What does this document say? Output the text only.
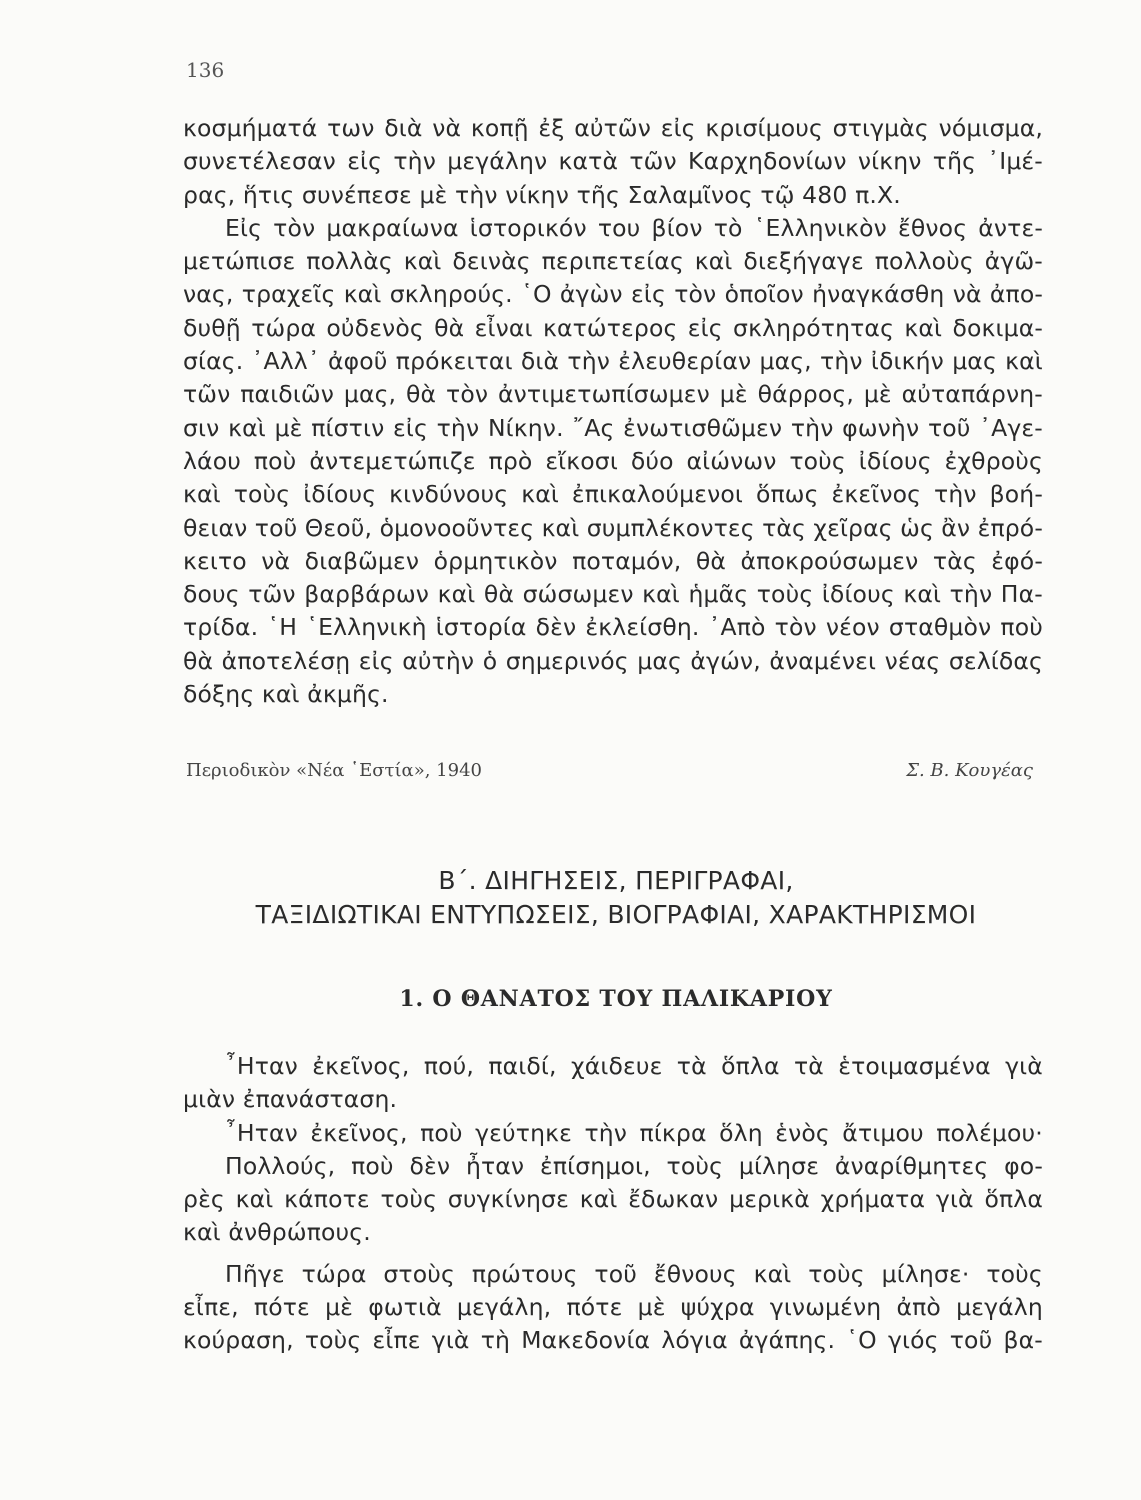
136
κοσμήματά των διὰ νὰ κοπῇ ἐξ αὐτῶν εἰς κρισίμους στιγμὰς νόμισμα,
συνετέλεσαν εἰς τὴν μεγάλην κατὰ τῶν Καρχηδονίων νίκην τῆς ᾿Ιμέ-
ρας, ἥτις συνέπεσε μὲ τὴν νίκην τῆς Σαλαμῖνος τῷ 480 π.Χ.
Εἰς τὸν μακραίωνα ἱστορικόν του βίον τὸ ῾Ελληνικὸν ἔθνος ἀντε-
μετώπισε πολλὰς καὶ δεινὰς περιπετείας καὶ διεξήγαγε πολλοὺς ἀγῶ-
νας, τραχεῖς καὶ σκληρούς. ῾Ο ἀγὼν εἰς τὸν ὁποῖον ἠναγκάσθη νὰ ἀπο-
δυθῇ τώρα οὐδενὸς θὰ εἶναι κατώτερος εἰς σκληρότητας καὶ δοκιμα-
σίας. ᾿Αλλ᾿ ἀφοῦ πρόκειται διὰ τὴν ἐλευθερίαν μας, τὴν ἰδικήν μας καὶ
τῶν παιδιῶν μας, θὰ τὸν ἀντιμετωπίσωμεν μὲ θάρρος, μὲ αὐταπάρνη-
σιν καὶ μὲ πίστιν εἰς τὴν Νίκην. ῎Ας ἐνωτισθῶμεν τὴν φωνὴν τοῦ ᾿Αγε-
λάου ποὺ ἀντεμετώπιζε πρὸ εἴκοσι δύο αἰώνων τοὺς ἰδίους ἐχθροὺς
καὶ τοὺς ἰδίους κινδύνους καὶ ἐπικαλούμενοι ὅπως ἐκεῖνος τὴν βοή-
θειαν τοῦ Θεοῦ, ὁμονοοῦντες καὶ συμπλέκοντες τὰς χεῖρας ὡς ἂν ἐπρό-
κειτο νὰ διαβῶμεν ὁρμητικὸν ποταμόν, θὰ ἀποκρούσωμεν τὰς ἐφό-
δους τῶν βαρβάρων καὶ θὰ σώσωμεν καὶ ἡμᾶς τοὺς ἰδίους καὶ τὴν Πα-
τρίδα. ῾Η ῾Ελληνικὴ ἱστορία δὲν ἐκλείσθη. ᾿Απὸ τὸν νέον σταθμὸν ποὺ
θὰ ἀποτελέσῃ εἰς αὐτὴν ὁ σημερινός μας ἀγών, ἀναμένει νέας σελίδας
δόξης καὶ ἀκμῆς.
Περιοδικὸν «Νέα ῾Εστία», 1940	Σ. Β. Κουγέας
Β΄. ΔΙΗΓΗΣΕΙΣ, ΠΕΡΙΓΡΑΦΑΙ,
ΤΑΞΙΔΙΩΤΙΚΑΙ ΕΝΤΥΠΩΣΕΙΣ, ΒΙΟΓΡΑΦΙΑΙ, ΧΑΡΑΚΤΗΡΙΣΜΟΙ
1. Ο ΘΑΝΑΤΟΣ ΤΟΥ ΠΑΛΙΚΑΡΙΟΥ
῏Ηταν ἐκεῖνος, πού, παιδί, χάιδευε τὰ ὅπλα τὰ ἑτοιμασμένα γιὰ
μιὰν ἐπανάσταση.
῏Ηταν ἐκεῖνος, ποὺ γεύτηκε τὴν πίκρα ὅλη ἑνὸς ἄτιμου πολέμου·
Πολλούς, ποὺ δὲν ἦταν ἐπίσημοι, τοὺς μίλησε ἀναρίθμητες φο-
ρὲς καὶ κάποτε τοὺς συγκίνησε καὶ ἔδωκαν μερικὰ χρήματα γιὰ ὅπλα
καὶ ἀνθρώπους.
Πῆγε τώρα στοὺς πρώτους τοῦ ἔθνους καὶ τοὺς μίλησε· τοὺς
εἶπε, πότε μὲ φωτιὰ μεγάλη, πότε μὲ ψύχρα γινωμένη ἀπὸ μεγάλη
κούραση, τοὺς εἶπε γιὰ τὴ Μακεδονία λόγια ἀγάπης. ῾Ο γιός τοῦ βα-
